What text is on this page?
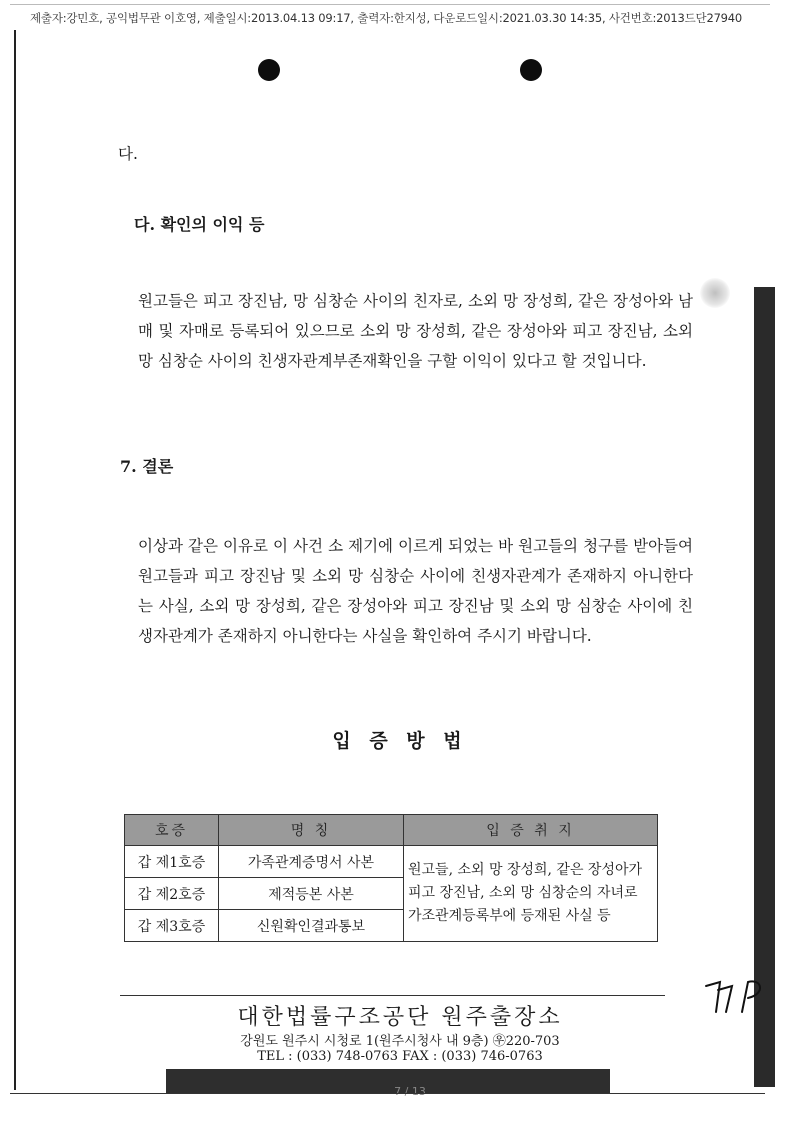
제출자:강민호, 공익법무관 이호영, 제출일시:2013.04.13 09:17, 출력자:한지성, 다운로드일시:2021.03.30 14:35, 사건번호:2013드단27940
다.
다. 확인의 이익 등
원고들은 피고 장진남, 망 심창순 사이의 친자로, 소외 망 장성희, 같은 장성아와 남매 및 자매로 등록되어 있으므로 소외 망 장성희, 같은 장성아와 피고 장진남, 소외 망 심창순 사이의 친생자관계부존재확인을 구할 이익이 있다고 할 것입니다.
7. 결론
이상과 같은 이유로 이 사건 소 제기에 이르게 되었는 바 원고들의 청구를 받아들여 원고들과 피고 장진남 및 소외 망 심창순 사이에 친생자관계가 존재하지 아니한다는 사실, 소외 망 장성희, 같은 장성아와 피고 장진남 및 소외 망 심창순 사이에 친생자관계가 존재하지 아니한다는 사실을 확인하여 주시기 바랍니다.
입 증 방 법
호증	명 칭	입 증 취 지
갑 제1호증	가족관계증명서 사본	원고들, 소외 망 장성희, 같은 장성아가 피고 장진남, 소외 망 심창순의 자녀로 가조관계등록부에 등재된 사실 등
갑 제2호증	제적등본 사본	
갑 제3호증	신원확인결과통보	
대한법률구조공단 원주출장소
강원도 원주시 시청로 1(원주시청사 내 9층) ㉾220-703
TEL : (033) 748-0763 FAX : (033) 746-0763
7 / 13
